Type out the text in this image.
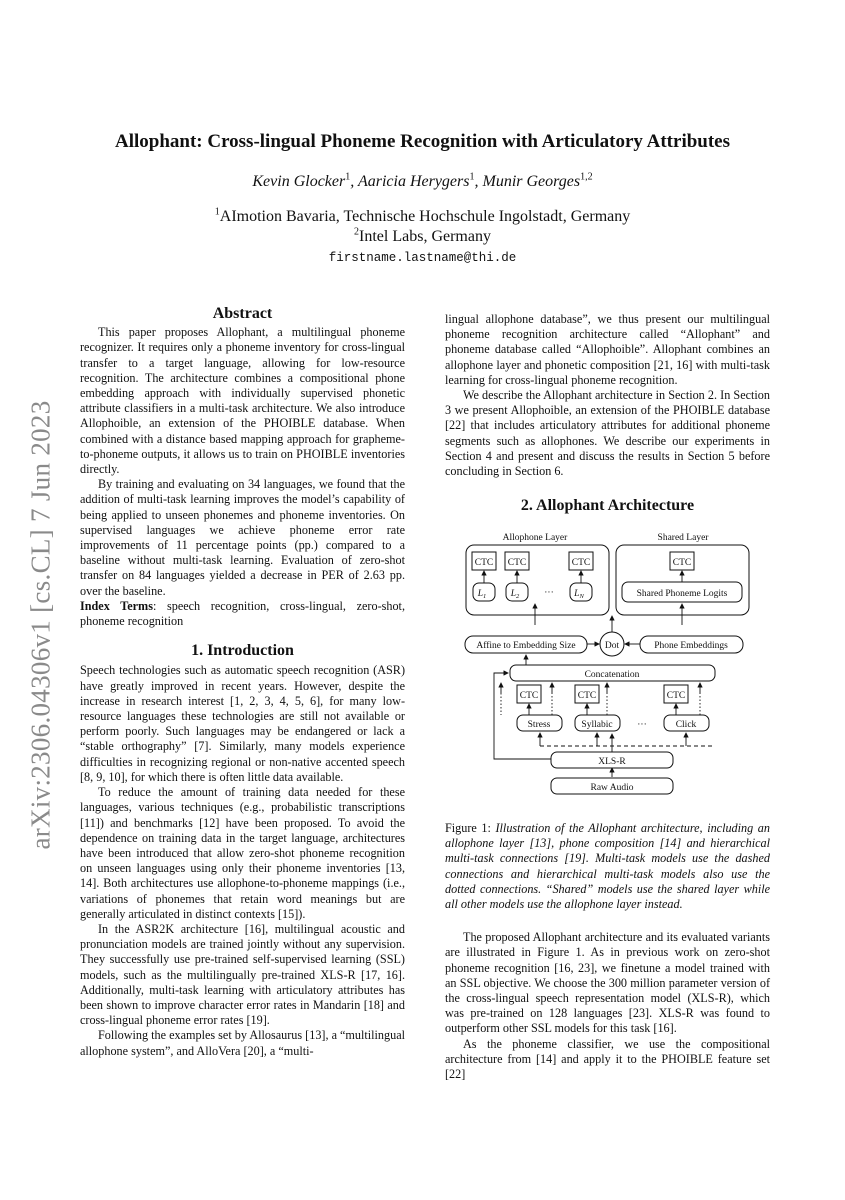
arXiv:2306.04306v1 [cs.CL] 7 Jun 2023
Allophant: Cross-lingual Phoneme Recognition with Articulatory Attributes
Kevin Glocker$^1$, Aaricia Herygers$^1$, Munir Georges$^{1,2}$
$^1$AImotion Bavaria, Technische Hochschule Ingolstadt, Germany
$^2$Intel Labs, Germany
firstname.lastname@thi.de

Abstract

This paper proposes Allophant, a multilingual phoneme recognizer. It requires only a phoneme inventory for cross-lingual transfer to a target language, allowing for low-resource recognition. The architecture combines a compositional phone embedding approach with individually supervised phonetic attribute classifiers in a multi-task architecture. We also introduce Allophoible, an extension of the PHOIBLE database. When combined with a distance based mapping approach for grapheme-to-phoneme outputs, it allows us to train on PHOIBLE inventories directly.

By training and evaluating on 34 languages, we found that the addition of multi-task learning improves the model’s capability of being applied to unseen phonemes and phoneme inventories. On supervised languages we achieve phoneme error rate improvements of 11 percentage points (pp.) compared to a baseline without multi-task learning. Evaluation of zero-shot transfer on 84 languages yielded a decrease in PER of 2.63 pp. over the baseline.

Index Terms: speech recognition, cross-lingual, zero-shot, phoneme recognition

1. Introduction

Speech technologies such as automatic speech recognition (ASR) have greatly improved in recent years. However, despite the increase in research interest [1, 2, 3, 4, 5, 6], for many low-resource languages these technologies are still not available or perform poorly. Such languages may be endangered or lack a “stable orthography” [7]. Similarly, many models experience difficulties in recognizing regional or non-native accented speech [8, 9, 10], for which there is often little data available.

To reduce the amount of training data needed for these languages, various techniques (e.g., probabilistic transcriptions [11]) and benchmarks [12] have been proposed. To avoid the dependence on training data in the target language, architectures have been introduced that allow zero-shot phoneme recognition on unseen languages using only their phoneme inventories [13, 14]. Both architectures use allophone-to-phoneme mappings (i.e., variations of phonemes that retain word meanings but are generally articulated in distinct contexts [15]).

In the ASR2K architecture [16], multilingual acoustic and pronunciation models are trained jointly without any supervision. They successfully use pre-trained self-supervised learning (SSL) models, such as the multilingually pre-trained XLS-R [17, 16]. Additionally, multi-task learning with articulatory attributes has been shown to improve character error rates in Mandarin [18] and cross-lingual phoneme error rates [19].

Following the examples set by Allosaurus [13], a “multilingual allophone system”, and AlloVera [20], a “multi-

lingual allophone database”, we thus present our multilingual phoneme recognition architecture called “Allophant” and phoneme database called “Allophoible”. Allophant combines an allophone layer and phonetic composition [21, 16] with multi-task learning for cross-lingual phoneme recognition.

We describe the Allophant architecture in Section 2. In Section 3 we present Allophoible, an extension of the PHOIBLE database [22] that includes articulatory attributes for additional phoneme segments such as allophones. We describe our experiments in Section 4 and present and discuss the results in Section 5 before concluding in Section 6.

2. Allophant Architecture

Allophone Layer	Shared Layer
CTC CTC	CTC
$L_1$	$L_2$	$L_N$
···
CTC
Shared Phoneme Logits
Affine to Embedding Size	Dot	Phone Embeddings
Concatenation
CTC	CTC	CTC
Stress	Syllabic	Click
···
XLS-R
Raw Audio

Figure 1: Illustration of the Allophant architecture, including an allophone layer [13], phone composition [14] and hierarchical multi-task connections [19]. Multi-task models use the dashed connections and hierarchical multi-task models also use the dotted connections. “Shared” models use the shared layer while all other models use the allophone layer instead.

The proposed Allophant architecture and its evaluated variants are illustrated in Figure 1. As in previous work on zero-shot phoneme recognition [16, 23], we finetune a model trained with an SSL objective. We choose the 300 million parameter version of the cross-lingual speech representation model (XLS-R), which was pre-trained on 128 languages [23]. XLS-R was found to outperform other SSL models for this task [16].

As the phoneme classifier, we use the compositional architecture from [14] and apply it to the PHOIBLE feature set [22]
